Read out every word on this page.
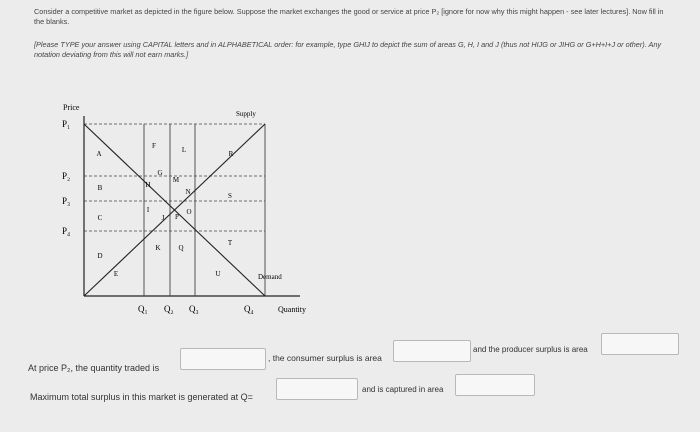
Consider a competitive market as depicted in the figure below. Suppose the market exchanges the good or service at price P₂ [ignore for now why this might happen - see later lectures]. Now fill in the blanks.
[Please TYPE your answer using CAPITAL letters and in ALPHABETICAL order: for example, type GHIJ to depict the sum of areas G, H, I and J (thus not HIJG or JIHG or G+H+I+J or other). Any notation deviating from this will not earn marks.]
Price
Quantity
P₁
P₂
P₃
P₄
Q₁ Q₂ Q₃	Q₄
Supply
Demand
A
B
C
D
E
F
G
H
I
J
K
L
M
N
O
P
Q
R
S
T
U
At price P₂, the quantity traded is
, the consumer surplus is area
and the producer surplus is area
Maximum total surplus in this market is generated at Q=
and is captured in area
